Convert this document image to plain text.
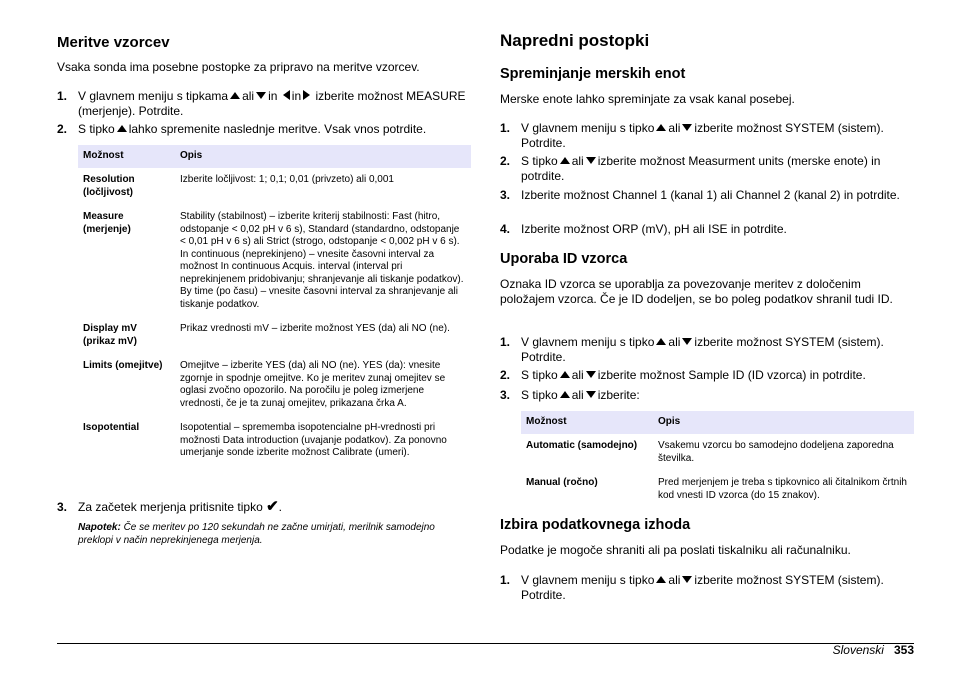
Meritve vzorcev
Vsaka sonda ima posebne postopke za pripravo na meritve vzorcev.
1. V glavnem meniju s tipkama ali in in izberite možnost MEASURE (merjenje). Potrdite.
2. S tipko lahko spremenite naslednje meritve. Vsak vnos potrdite.
Možnost	Opis
Resolution (ločljivost)	Izberite ločljivost: 1; 0,1; 0,01 (privzeto) ali 0,001
Measure (merjenje)	Stability (stabilnost) – izberite kriterij stabilnosti: Fast (hitro, odstopanje < 0,02 pH v 6 s), Standard (standardno, odstopanje < 0,01 pH v 6 s) ali Strict (strogo, odstopanje < 0,002 pH v 6 s). In continuous (neprekinjeno) – vnesite časovni interval za možnost In continuous Acquis. interval (interval pri neprekinjenem pridobivanju; shranjevanje ali tiskanje podatkov). By time (po času) – vnesite časovni interval za shranjevanje ali tiskanje podatkov.
Display mV (prikaz mV)	Prikaz vrednosti mV – izberite možnost YES (da) ali NO (ne).
Limits (omejitve)	Omejitve – izberite YES (da) ali NO (ne). YES (da): vnesite zgornje in spodnje omejitve. Ko je meritev zunaj omejitev se oglasi zvočno opozorilo. Na poročilu je poleg izmerjene vrednosti, če je ta zunaj omejitev, prikazana črka A.
Isopotential	Isopotential – sprememba isopotencialne pH-vrednosti pri možnosti Data introduction (uvajanje podatkov). Za ponovno umerjanje sonde izberite možnost Calibrate (umeri).
3. Za začetek merjenja pritisnite tipko ✔.
Napotek: Če se meritev po 120 sekundah ne začne umirjati, merilnik samodejno preklopi v način neprekinjenega merjenja.
Napredni postopki
Spreminjanje merskih enot
Merske enote lahko spreminjate za vsak kanal posebej.
1. V glavnem meniju s tipko ali izberite možnost SYSTEM (sistem). Potrdite.
2. S tipko ali izberite možnost Measurment units (merske enote) in potrdite.
3. Izberite možnost Channel 1 (kanal 1) ali Channel 2 (kanal 2) in potrdite.
4. Izberite možnost ORP (mV), pH ali ISE in potrdite.
Uporaba ID vzorca
Oznaka ID vzorca se uporablja za povezovanje meritev z določenim položajem vzorca. Če je ID dodeljen, se bo poleg podatkov shranil tudi ID.
1. V glavnem meniju s tipko ali izberite možnost SYSTEM (sistem). Potrdite.
2. S tipko ali izberite možnost Sample ID (ID vzorca) in potrdite.
3. S tipko ali izberite:
Možnost	Opis
Automatic (samodejno)	Vsakemu vzorcu bo samodejno dodeljena zaporedna številka.
Manual (ročno)	Pred merjenjem je treba s tipkovnico ali čitalnikom črtnih kod vnesti ID vzorca (do 15 znakov).
Izbira podatkovnega izhoda
Podatke je mogoče shraniti ali pa poslati tiskalniku ali računalniku.
1. V glavnem meniju s tipko ali izberite možnost SYSTEM (sistem). Potrdite.
Slovenski 353
